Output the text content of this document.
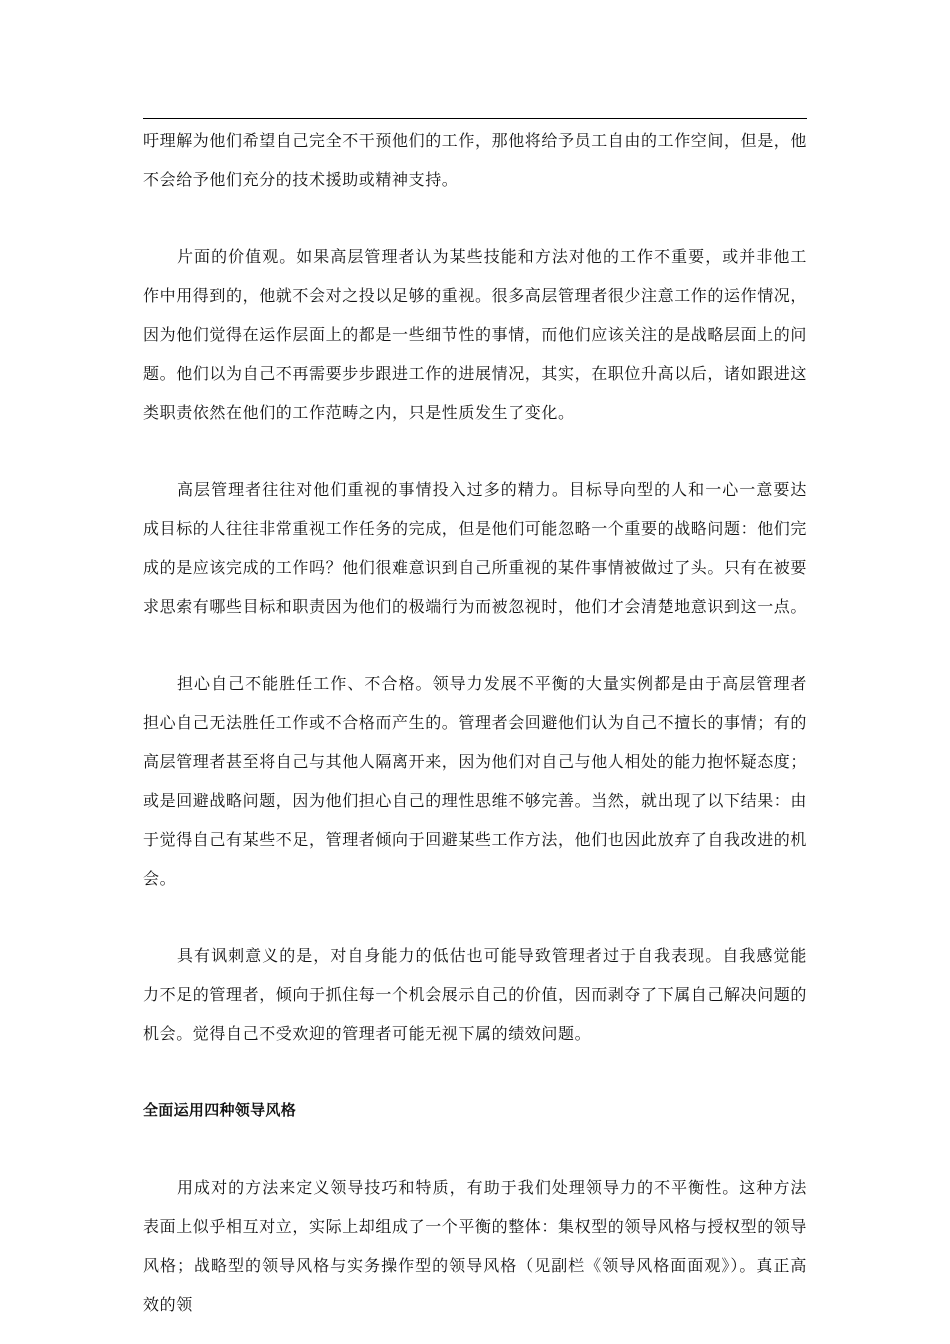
吁理解为他们希望自己完全不干预他们的工作，那他将给予员工自由的工作空间，但是，他不会给予他们充分的技术援助或精神支持。

片面的价值观。如果高层管理者认为某些技能和方法对他的工作不重要，或并非他工作中用得到的，他就不会对之投以足够的重视。很多高层管理者很少注意工作的运作情况，因为他们觉得在运作层面上的都是一些细节性的事情，而他们应该关注的是战略层面上的问题。他们以为自己不再需要步步跟进工作的进展情况，其实，在职位升高以后，诸如跟进这类职责依然在他们的工作范畴之内，只是性质发生了变化。

高层管理者往往对他们重视的事情投入过多的精力。目标导向型的人和一心一意要达成目标的人往往非常重视工作任务的完成，但是他们可能忽略一个重要的战略问题：他们完成的是应该完成的工作吗？他们很难意识到自己所重视的某件事情被做过了头。只有在被要求思索有哪些目标和职责因为他们的极端行为而被忽视时，他们才会清楚地意识到这一点。

担心自己不能胜任工作、不合格。领导力发展不平衡的大量实例都是由于高层管理者担心自己无法胜任工作或不合格而产生的。管理者会回避他们认为自己不擅长的事情；有的高层管理者甚至将自己与其他人隔离开来，因为他们对自己与他人相处的能力抱怀疑态度；或是回避战略问题，因为他们担心自己的理性思维不够完善。当然，就出现了以下结果：由于觉得自己有某些不足，管理者倾向于回避某些工作方法，他们也因此放弃了自我改进的机会。

具有讽刺意义的是，对自身能力的低估也可能导致管理者过于自我表现。自我感觉能力不足的管理者，倾向于抓住每一个机会展示自己的价值，因而剥夺了下属自己解决问题的机会。觉得自己不受欢迎的管理者可能无视下属的绩效问题。

全面运用四种领导风格

用成对的方法来定义领导技巧和特质，有助于我们处理领导力的不平衡性。这种方法表面上似乎相互对立，实际上却组成了一个平衡的整体：集权型的领导风格与授权型的领导风格；战略型的领导风格与实务操作型的领导风格（见副栏《领导风格面面观》）。真正高效的领
